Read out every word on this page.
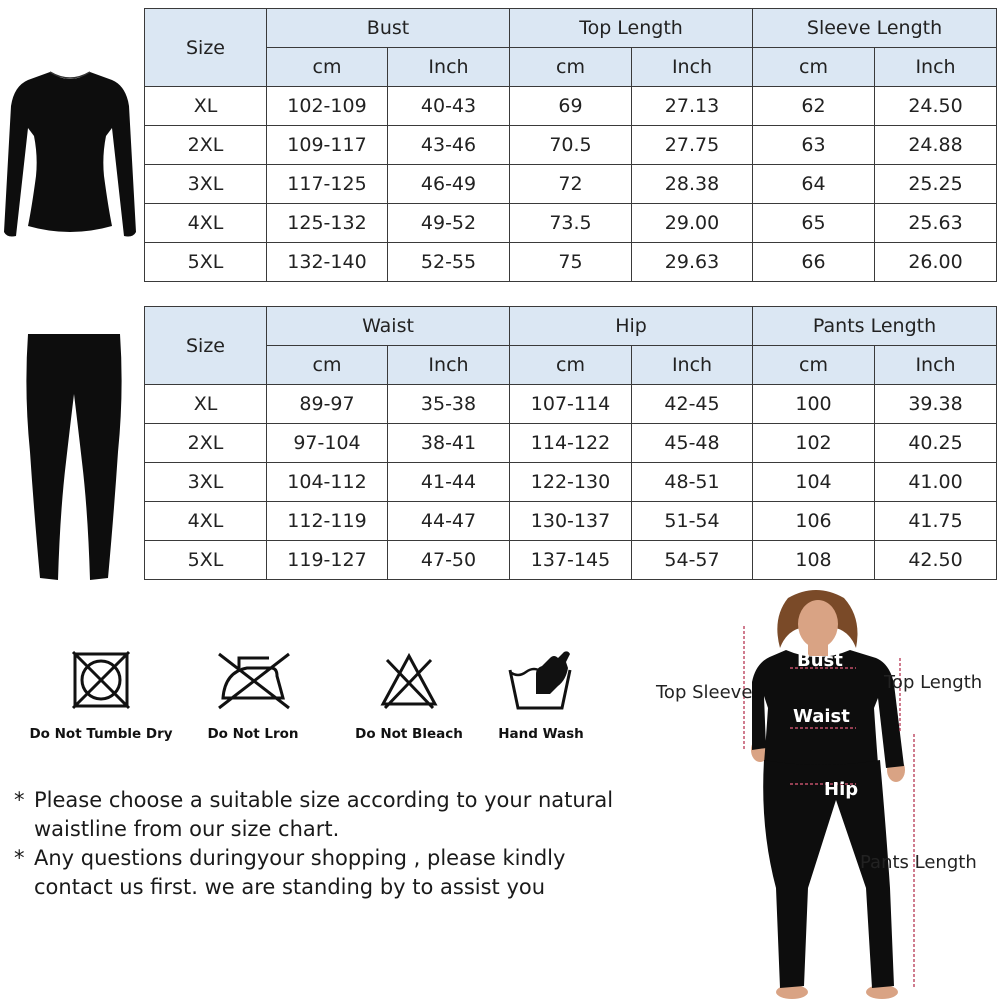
Size	Bust		Top Length		Sleeve Length	
	cm	Inch	cm	Inch	cm	Inch
XL	102-109	40-43	69	27.13	62	24.50
2XL	109-117	43-46	70.5	27.75	63	24.88
3XL	117-125	46-49	72	28.38	64	25.25
4XL	125-132	49-52	73.5	29.00	65	25.63
5XL	132-140	52-55	75	29.63	66	26.00
Size	Waist		Hip		Pants Length	
	cm	Inch	cm	Inch	cm	Inch
XL	89-97	35-38	107-114	42-45	100	39.38
2XL	97-104	38-41	114-122	45-48	102	40.25
3XL	104-112	41-44	122-130	48-51	104	41.00
4XL	112-119	44-47	130-137	51-54	106	41.75
5XL	119-127	47-50	137-145	54-57	108	42.50
Do Not Tumble Dry	Do Not Lron	Do Not Bleach	Hand Wash
* Please choose a suitable size according to your natural waistline from our size chart.
* Any questions duringyour shopping , please kindly contact us first. we are standing by to assist you
Top Sleeve	Top Length
Bust
Waist
Hip
Pants Length
